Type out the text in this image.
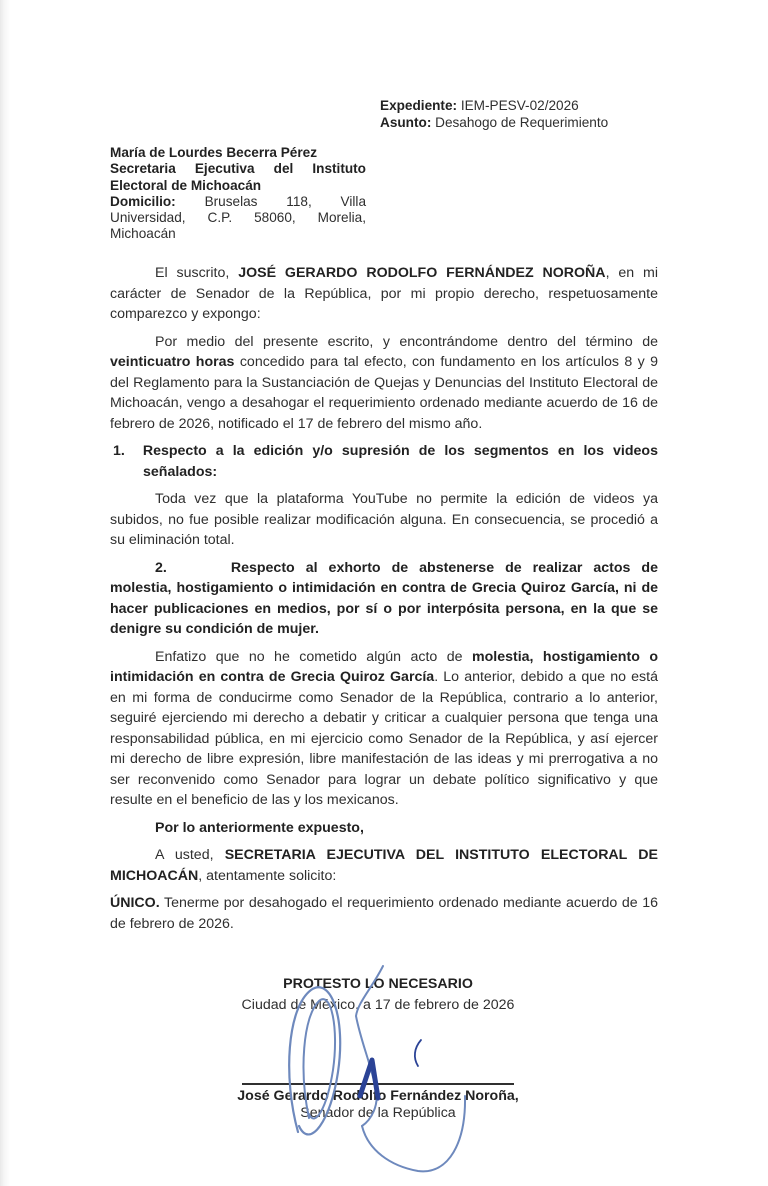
Expediente: IEM-PESV-02/2026
Asunto: Desahogo de Requerimiento
María de Lourdes Becerra Pérez
Secretaria Ejecutiva del Instituto
Electoral de Michoacán
Domicilio: Bruselas 118, Villa
Universidad, C.P. 58060, Morelia,
Michoacán

El suscrito, JOSÉ GERARDO RODOLFO FERNÁNDEZ NOROÑA, en mi carácter de Senador de la República, por mi propio derecho, respetuosamente comparezco y expongo:

Por medio del presente escrito, y encontrándome dentro del término de veinticuatro horas concedido para tal efecto, con fundamento en los artículos 8 y 9 del Reglamento para la Sustanciación de Quejas y Denuncias del Instituto Electoral de Michoacán, vengo a desahogar el requerimiento ordenado mediante acuerdo de 16 de febrero de 2026, notificado el 17 de febrero del mismo año.

1. Respecto a la edición y/o supresión de los segmentos en los videos señalados:

Toda vez que la plataforma YouTube no permite la edición de videos ya subidos, no fue posible realizar modificación alguna. En consecuencia, se procedió a su eliminación total.

2.	Respecto al exhorto de abstenerse de realizar actos de molestia, hostigamiento o intimidación en contra de Grecia Quiroz García, ni de hacer publicaciones en medios, por sí o por interpósita persona, en la que se denigre su condición de mujer.

Enfatizo que no he cometido algún acto de molestia, hostigamiento o intimidación en contra de Grecia Quiroz García. Lo anterior, debido a que no está en mi forma de conducirme como Senador de la República, contrario a lo anterior, seguiré ejerciendo mi derecho a debatir y criticar a cualquier persona que tenga una responsabilidad pública, en mi ejercicio como Senador de la República, y así ejercer mi derecho de libre expresión, libre manifestación de las ideas y mi prerrogativa a no ser reconvenido como Senador para lograr un debate político significativo y que resulte en el beneficio de las y los mexicanos.

Por lo anteriormente expuesto,

A usted, SECRETARIA EJECUTIVA DEL INSTITUTO ELECTORAL DE MICHOACÁN, atentamente solicito:

ÚNICO. Tenerme por desahogado el requerimiento ordenado mediante acuerdo de 16 de febrero de 2026.

PROTESTO LO NECESARIO
Ciudad de México, a 17 de febrero de 2026
José Gerardo Rodolfo Fernández Noroña,
Senador de la República
